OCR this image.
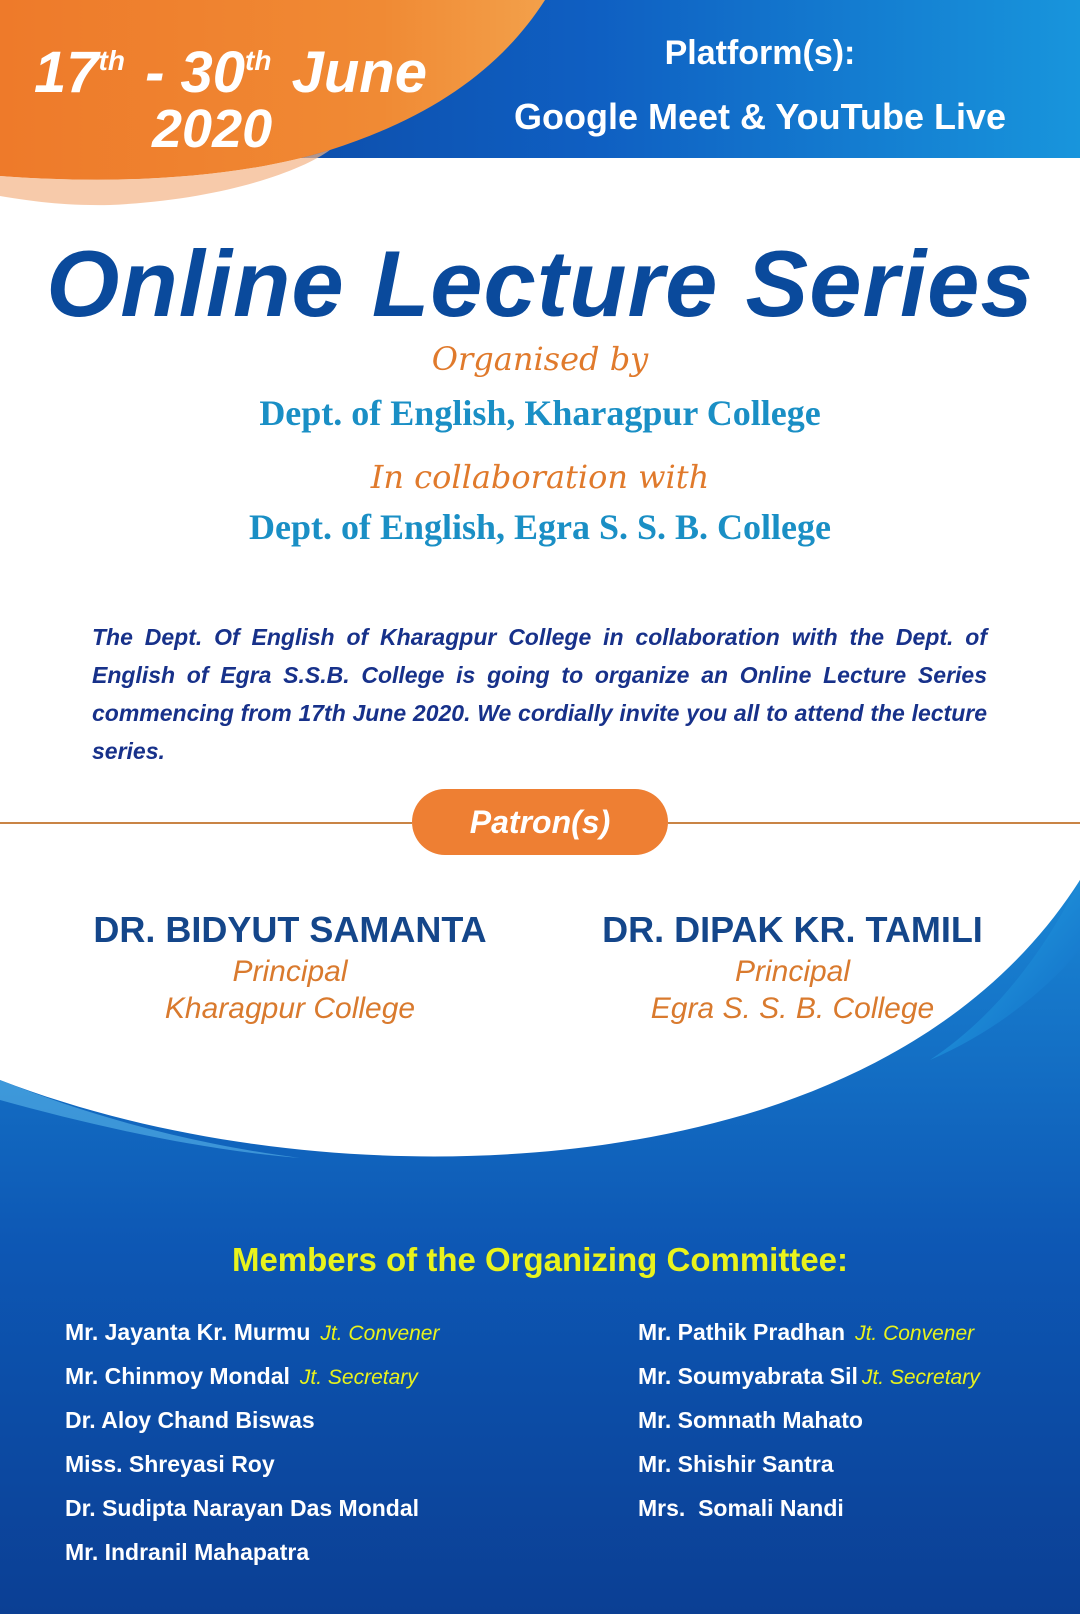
17th - 30th June
2020
Platform(s):
Google Meet & YouTube Live
Online Lecture Series
Organised by
Dept. of English, Kharagpur College
In collaboration with
Dept. of English, Egra S. S. B. College
The Dept. Of English of Kharagpur College in collaboration with the Dept. of English of Egra S.S.B. College is going to organize an Online Lecture Series commencing from 17th June 2020. We cordially invite you all to attend the lecture series.
Patron(s)
DR. BIDYUT SAMANTA
Principal
Kharagpur College
DR. DIPAK KR. TAMILI
Principal
Egra S. S. B. College
Members of the Organizing Committee:
Mr. Jayanta Kr. Murmu Jt. Convener
Mr. Chinmoy Mondal Jt. Secretary
Dr. Aloy Chand Biswas
Miss. Shreyasi Roy
Dr. Sudipta Narayan Das Mondal
Mr. Indranil Mahapatra
Mr. Pathik Pradhan Jt. Convener
Mr. Soumyabrata Sil Jt. Secretary
Mr. Somnath Mahato
Mr. Shishir Santra
Mrs.  Somali Nandi
